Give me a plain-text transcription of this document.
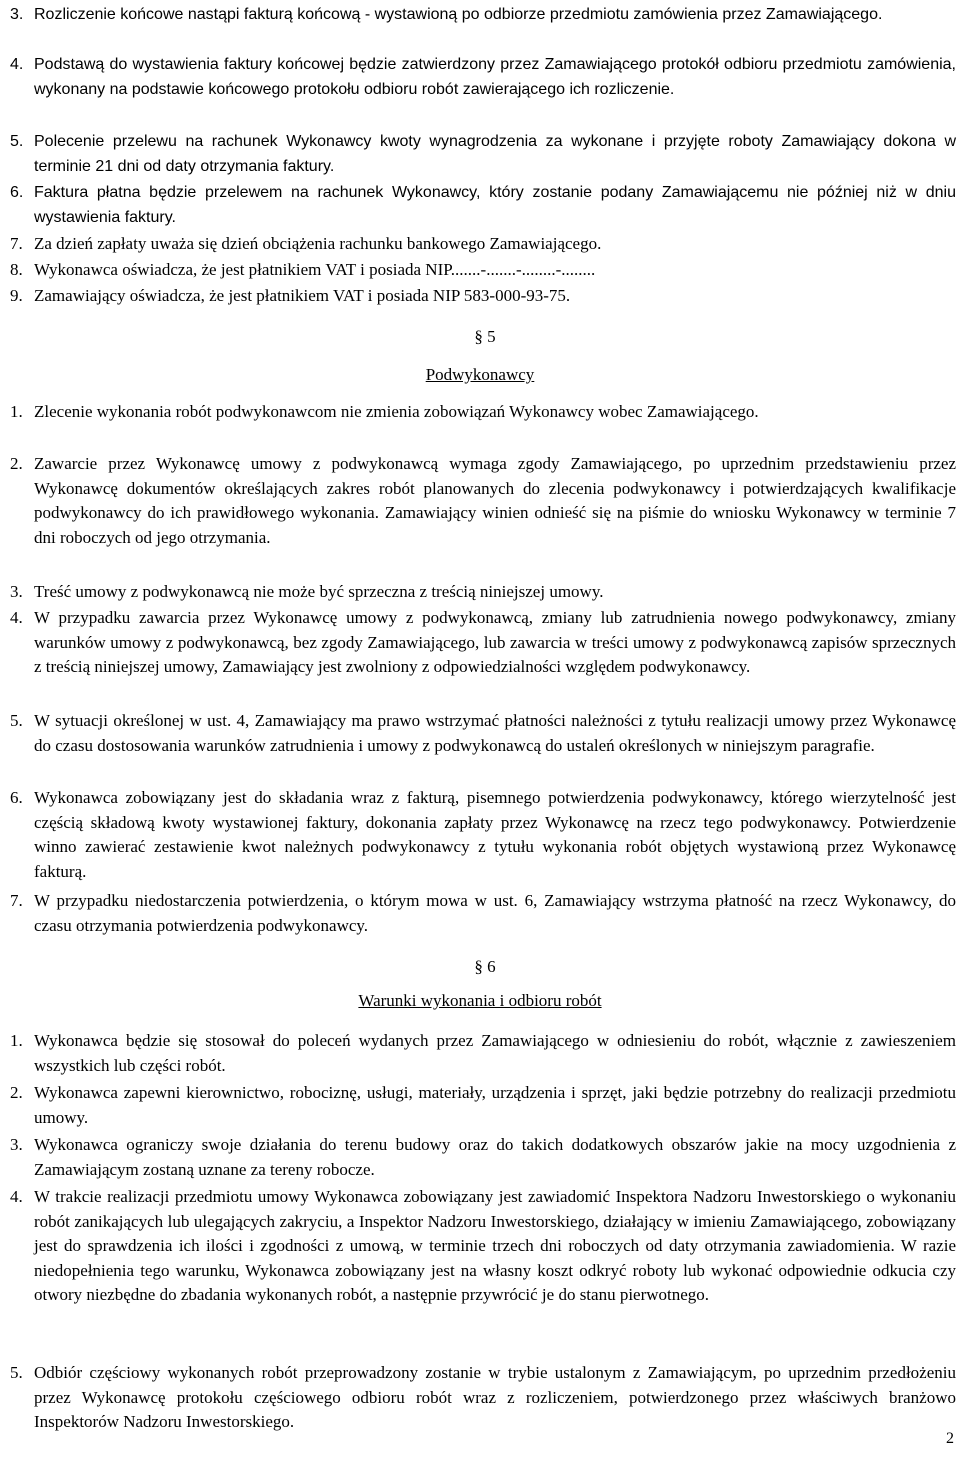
3. Rozliczenie końcowe nastąpi fakturą końcową - wystawioną po odbiorze przedmiotu zamówienia przez Zamawiającego.
4. Podstawą do wystawienia faktury końcowej będzie zatwierdzony przez Zamawiającego protokół odbioru przedmiotu zamówienia, wykonany na podstawie końcowego protokołu odbioru robót zawierającego ich rozliczenie.
5. Polecenie przelewu na rachunek Wykonawcy kwoty wynagrodzenia za wykonane i przyjęte roboty Zamawiający dokona w terminie 21 dni od daty otrzymania faktury.
6. Faktura płatna będzie przelewem na rachunek Wykonawcy, który zostanie podany Zamawiającemu nie później niż w dniu wystawienia faktury.
7. Za dzień zapłaty uważa się dzień obciążenia rachunku bankowego Zamawiającego.
8. Wykonawca oświadcza, że jest płatnikiem VAT i posiada NIP.......-.......-........-........
9. Zamawiający oświadcza, że jest płatnikiem VAT i posiada NIP 583-000-93-75.
§ 5
Podwykonawcy
1. Zlecenie wykonania robót podwykonawcom nie zmienia zobowiązań Wykonawcy wobec Zamawiającego.
2. Zawarcie przez Wykonawcę umowy z podwykonawcą wymaga zgody Zamawiającego, po uprzednim przedstawieniu przez Wykonawcę dokumentów określających zakres robót planowanych do zlecenia podwykonawcy i potwierdzających kwalifikacje podwykonawcy do ich prawidłowego wykonania. Zamawiający winien odnieść się na piśmie do wniosku Wykonawcy w terminie 7 dni roboczych od jego otrzymania.
3. Treść umowy z podwykonawcą nie może być sprzeczna z treścią niniejszej umowy.
4. W przypadku zawarcia przez Wykonawcę umowy z podwykonawcą, zmiany lub zatrudnienia nowego podwykonawcy, zmiany warunków umowy z podwykonawcą, bez zgody Zamawiającego, lub zawarcia w treści umowy z podwykonawcą zapisów sprzecznych z treścią niniejszej umowy, Zamawiający jest zwolniony z odpowiedzialności względem podwykonawcy.
5. W sytuacji określonej w ust. 4, Zamawiający ma prawo wstrzymać płatności należności z tytułu realizacji umowy przez Wykonawcę do czasu dostosowania warunków zatrudnienia i umowy z podwykonawcą do ustaleń określonych w niniejszym paragrafie.
6. Wykonawca zobowiązany jest do składania wraz z fakturą, pisemnego potwierdzenia podwykonawcy, którego wierzytelność jest częścią składową kwoty wystawionej faktury, dokonania zapłaty przez Wykonawcę na rzecz tego podwykonawcy. Potwierdzenie winno zawierać zestawienie kwot należnych podwykonawcy z tytułu wykonania robót objętych wystawioną przez Wykonawcę fakturą.
7. W przypadku niedostarczenia potwierdzenia, o którym mowa w ust. 6, Zamawiający wstrzyma płatność na rzecz Wykonawcy, do czasu otrzymania potwierdzenia podwykonawcy.
§ 6
Warunki wykonania i odbioru robót
1. Wykonawca będzie się stosował do poleceń wydanych przez Zamawiającego w odniesieniu do robót, włącznie z zawieszeniem wszystkich lub części robót.
2. Wykonawca zapewni kierownictwo, robociznę, usługi, materiały, urządzenia i sprzęt, jaki będzie potrzebny do realizacji przedmiotu umowy.
3. Wykonawca ograniczy swoje działania do terenu budowy oraz do takich dodatkowych obszarów jakie na mocy uzgodnienia z Zamawiającym zostaną uznane za tereny robocze.
4. W trakcie realizacji przedmiotu umowy Wykonawca zobowiązany jest zawiadomić Inspektora Nadzoru Inwestorskiego o wykonaniu robót zanikających lub ulegających zakryciu, a Inspektor Nadzoru Inwestorskiego, działający w imieniu Zamawiającego, zobowiązany jest do sprawdzenia ich ilości i zgodności z umową, w terminie trzech dni roboczych od daty otrzymania zawiadomienia. W razie niedopełnienia tego warunku, Wykonawca zobowiązany jest na własny koszt odkryć roboty lub wykonać odpowiednie odkucia czy otwory niezbędne do zbadania wykonanych robót, a następnie przywrócić je do stanu pierwotnego.
5. Odbiór częściowy wykonanych robót przeprowadzony zostanie w trybie ustalonym z Zamawiającym, po uprzednim przedłożeniu przez Wykonawcę protokołu częściowego odbioru robót wraz z rozliczeniem, potwierdzonego przez właściwych branżowo Inspektorów Nadzoru Inwestorskiego.
2
